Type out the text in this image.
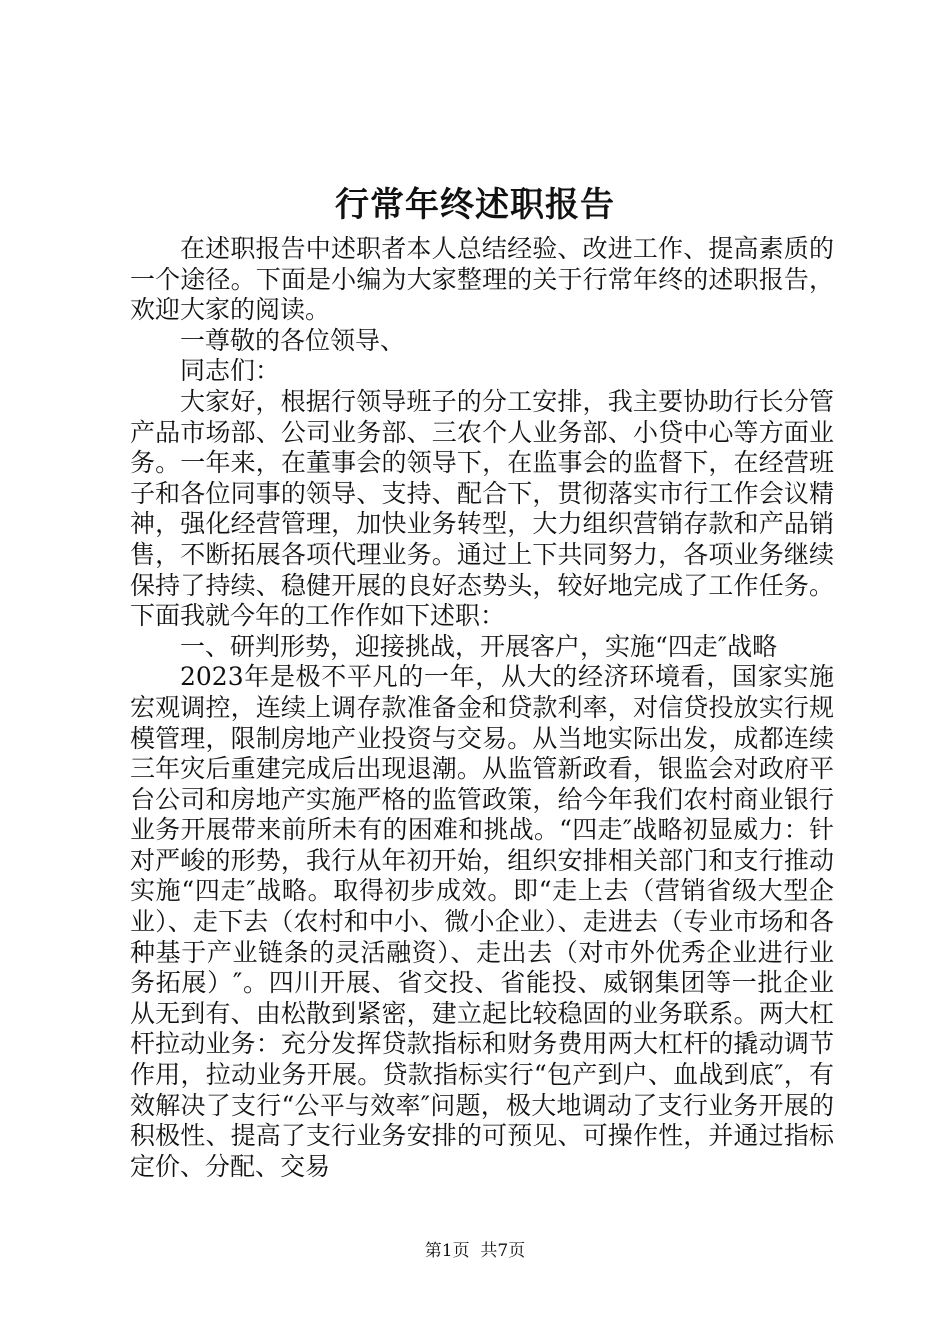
行常年终述职报告

在述职报告中述职者本人总结经验、改进工作、提高素质的一个途径。下面是小编为大家整理的关于行常年终的述职报告，欢迎大家的阅读。

一尊敬的各位领导、

同志们：

大家好，根据行领导班子的分工安排，我主要协助行长分管产品市场部、公司业务部、三农个人业务部、小贷中心等方面业务。一年来，在董事会的领导下，在监事会的监督下，在经营班子和各位同事的领导、支持、配合下，贯彻落实市行工作会议精神，强化经营管理，加快业务转型，大力组织营销存款和产品销售，不断拓展各项代理业务。通过上下共同努力，各项业务继续保持了持续、稳健开展的良好态势头，较好地完成了工作任务。下面我就今年的工作作如下述职：

一、研判形势，迎接挑战，开展客户，实施“四走″战略

2023年是极不平凡的一年，从大的经济环境看，国家实施宏观调控，连续上调存款准备金和贷款利率，对信贷投放实行规模管理，限制房地产业投资与交易。从当地实际出发，成都连续三年灾后重建完成后出现退潮。从监管新政看，银监会对政府平台公司和房地产实施严格的监管政策，给今年我们农村商业银行业务开展带来前所未有的困难和挑战。“四走″战略初显威力：针对严峻的形势，我行从年初开始，组织安排相关部门和支行推动实施“四走″战略。取得初步成效。即“走上去（营销省级大型企业）、走下去（农村和中小、微小企业）、走进去（专业市场和各种基于产业链条的灵活融资）、走出去（对市外优秀企业进行业务拓展）″。四川开展、省交投、省能投、威钢集团等一批企业从无到有、由松散到紧密，建立起比较稳固的业务联系。两大杠杆拉动业务：充分发挥贷款指标和财务费用两大杠杆的撬动调节作用，拉动业务开展。贷款指标实行“包产到户、血战到底″，有效解决了支行“公平与效率″问题，极大地调动了支行业务开展的积极性、提高了支行业务安排的可预见、可操作性，并通过指标定价、分配、交易

第1页 共7页
